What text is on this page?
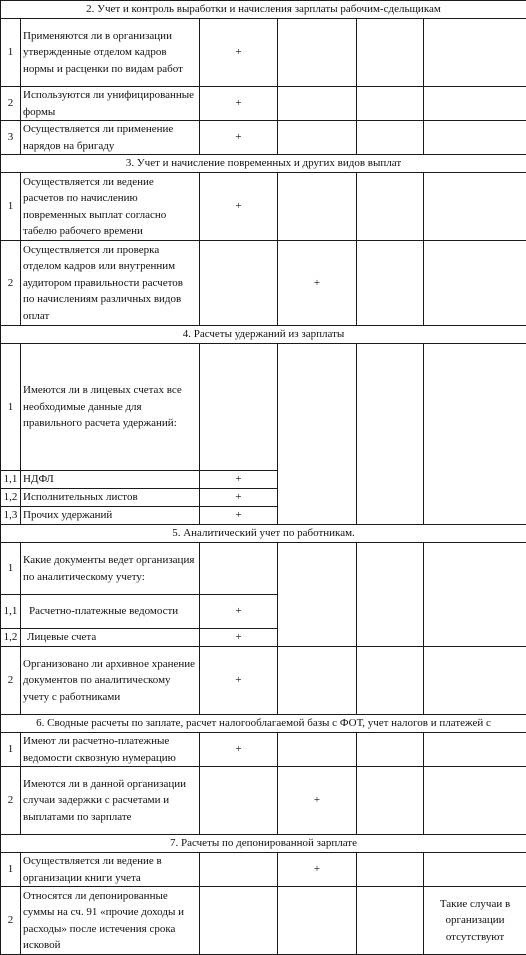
2. Учет и контроль выработки и начисления зарплаты рабочим-сдельщикам					
1	Применяются ли в организации утвержденные отделом кадров нормы и расценки по видам работ	+			
2	Используются ли унифицированные формы	+			
3	Осуществляется ли применение нарядов на бригаду	+			
3. Учет и начисление повременных и других видов выплат					
1	Осуществляется ли ведение расчетов по начислению повременных выплат согласно табелю рабочего времени	+			
2	Осуществляется ли проверка отделом кадров или внутренним аудитором правильности расчетов по начислениям различных видов оплат		+		
4. Расчеты удержаний из зарплаты					
1	Имеются ли в лицевых счетах все необходимые данные для правильного расчета удержаний:				
1,1	НДФЛ	+			
1,2	Исполнительных листов	+			
1,3	Прочих удержаний	+			
5. Аналитический учет по работникам.					
1	Какие документы ведет организация по аналитическому учету:				
1,1	Расчетно-платежные ведомости	+			
1,2	Лицевые счета	+			
2	Организовано ли архивное хранение документов по аналитическому учету с работниками	+			
6. Сводные расчеты по заплате, расчет налогооблагаемой базы с ФОТ, учет налогов и платежей с					
1	Имеют ли расчетно-платежные ведомости сквозную нумерацию	+			
2	Имеются ли в данной организации случаи задержки с расчетами и выплатами по зарплате		+		
7. Расчеты по депонированной зарплате					
1	Осуществляется ли ведение в организации книги учета		+		
2	Относятся ли депонированные суммы на сч. 91 «прочие доходы и расходы» после истечения срока исковой				Такие случаи в организации отсутствуют
